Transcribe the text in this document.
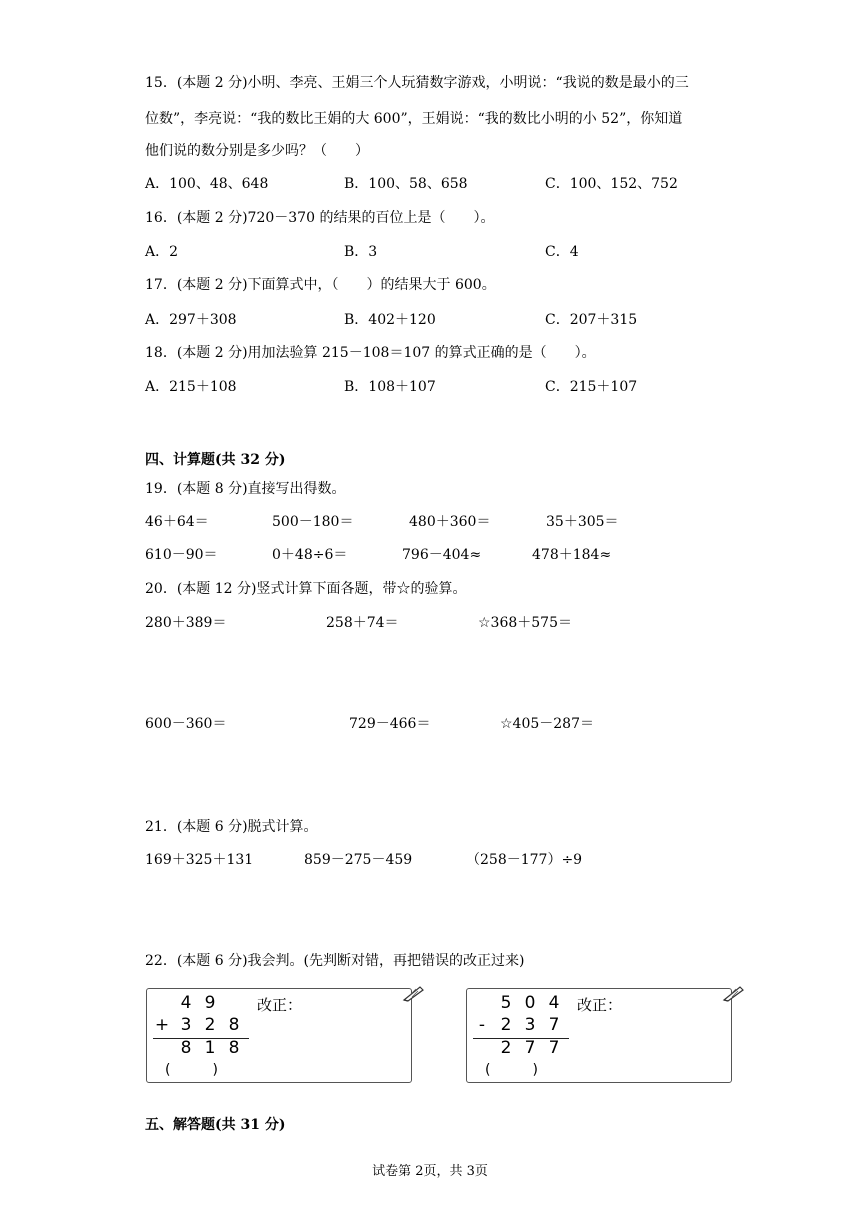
15．(本题 2 分)小明、李亮、王娟三个人玩猜数字游戏，小明说：“我说的数是最小的三
位数”，李亮说：“我的数比王娟的大 600”，王娟说：“我的数比小明的小 52”，你知道
他们说的数分别是多少吗？（　　）
A．100、48、648	B．100、58、658	C．100、152、752
16．(本题 2 分)720－370 的结果的百位上是（　　）。
A．2	B．3	C．4
17．(本题 2 分)下面算式中，（　　）的结果大于 600。
A．297＋308	B．402＋120	C．207＋315
18．(本题 2 分)用加法验算 215－108＝107 的算式正确的是（　　）。
A．215＋108	B．108＋107	C．215＋107
四、计算题(共 32 分)
19．(本题 8 分)直接写出得数。
46＋64＝	500－180＝	480＋360＝	35＋305＝
610－90＝	0＋48÷6＝	796－404≈	478＋184≈
20．(本题 12 分)竖式计算下面各题，带☆的验算。
280＋389＝	258＋74＝	☆368＋575＝
600－360＝	729－466＝	☆405－287＝
21．(本题 6 分)脱式计算。
169＋325＋131	859－275－459	（258－177）÷9
22．(本题 6 分)我会判。(先判断对错，再把错误的改正过来)
4 9
+ 3 2 8
8 1 8
(　　　)
改正：	5 0 4
- 2 3 7
2 7 7
(　　　)
改正：
五、解答题(共 31 分)
试卷第 2页，共 3页
